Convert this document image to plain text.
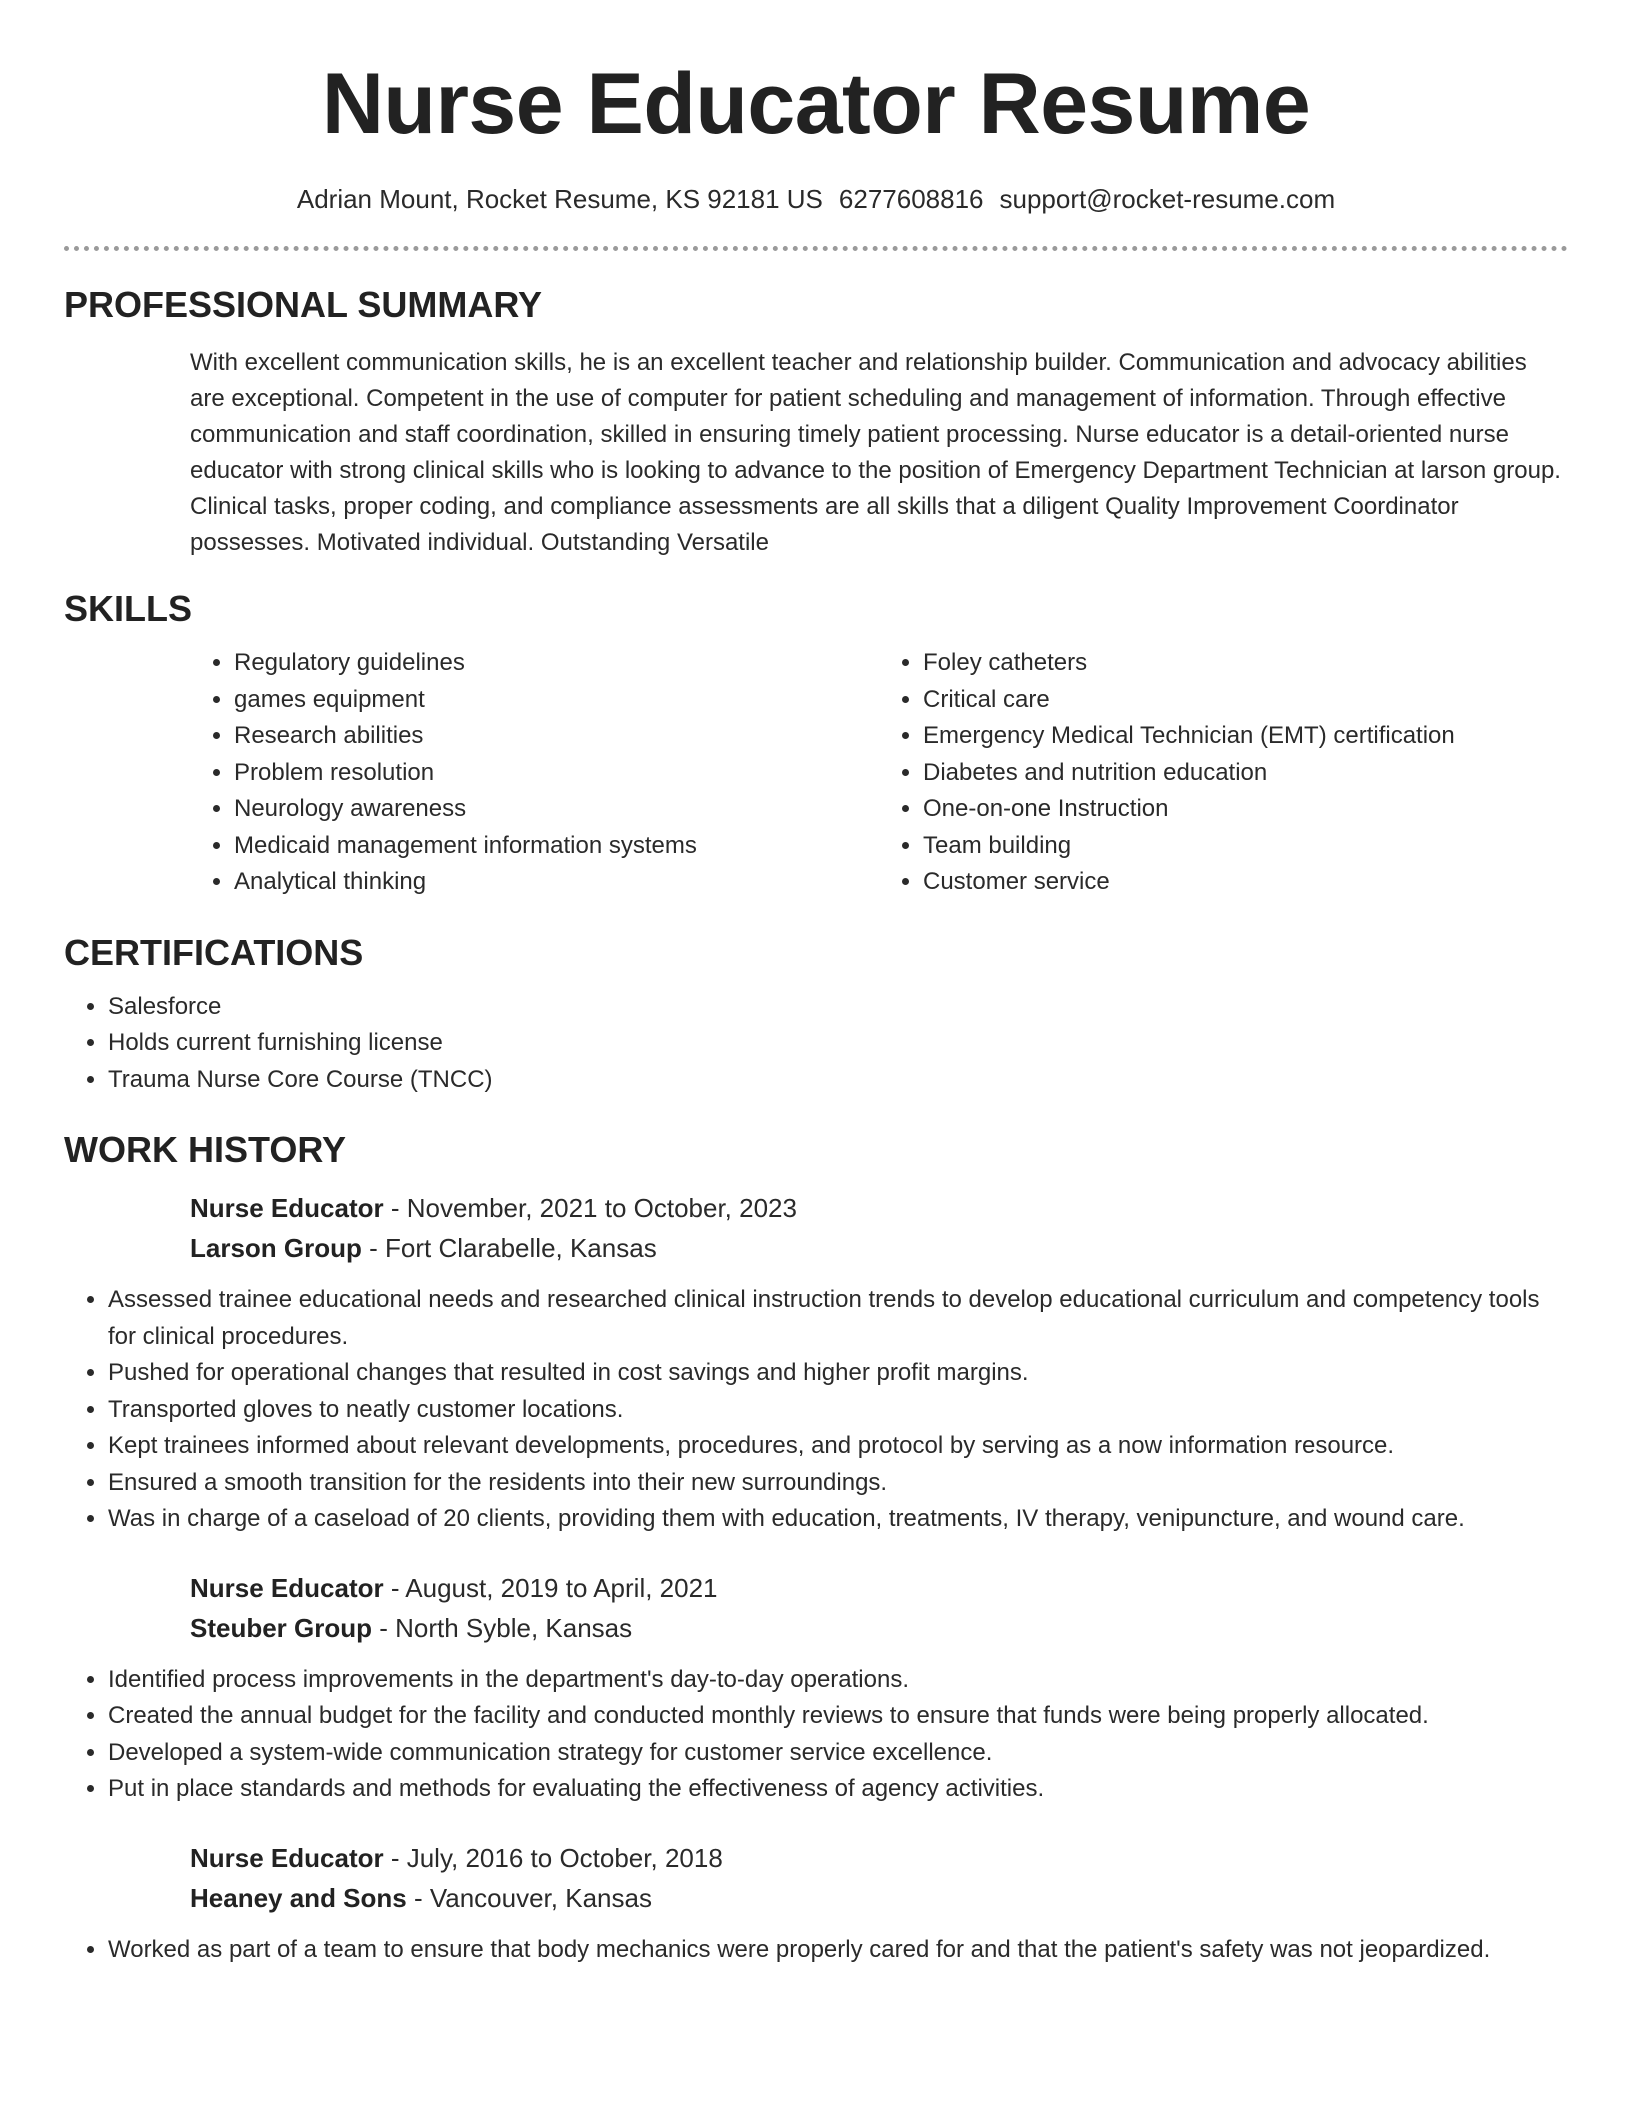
Nurse Educator Resume
Adrian Mount, Rocket Resume, KS 92181 US 6277608816 support@rocket-resume.com
PROFESSIONAL SUMMARY

With excellent communication skills, he is an excellent teacher and relationship builder. Communication and advocacy abilities are exceptional. Competent in the use of computer for patient scheduling and management of information. Through effective communication and staff coordination, skilled in ensuring timely patient processing. Nurse educator is a detail-oriented nurse educator with strong clinical skills who is looking to advance to the position of Emergency Department Technician at larson group. Clinical tasks, proper coding, and compliance assessments are all skills that a diligent Quality Improvement Coordinator possesses. Motivated individual. Outstanding Versatile

SKILLS
• Regulatory guidelines
• games equipment
• Research abilities
• Problem resolution
• Neurology awareness
• Medicaid management information systems
• Analytical thinking
• Foley catheters
• Critical care
• Emergency Medical Technician (EMT) certification
• Diabetes and nutrition education
• One-on-one Instruction
• Team building
• Customer service
CERTIFICATIONS
• Salesforce
• Holds current furnishing license
• Trauma Nurse Core Course (TNCC)
WORK HISTORY
Nurse Educator - November, 2021 to October, 2023
Larson Group - Fort Clarabelle, Kansas
• Assessed trainee educational needs and researched clinical instruction trends to develop educational curriculum and competency tools for clinical procedures.
• Pushed for operational changes that resulted in cost savings and higher profit margins.
• Transported gloves to neatly customer locations.
• Kept trainees informed about relevant developments, procedures, and protocol by serving as a now information resource.
• Ensured a smooth transition for the residents into their new surroundings.
• Was in charge of a caseload of 20 clients, providing them with education, treatments, IV therapy, venipuncture, and wound care.
Nurse Educator - August, 2019 to April, 2021
Steuber Group - North Syble, Kansas
• Identified process improvements in the department's day-to-day operations.
• Created the annual budget for the facility and conducted monthly reviews to ensure that funds were being properly allocated.
• Developed a system-wide communication strategy for customer service excellence.
• Put in place standards and methods for evaluating the effectiveness of agency activities.
Nurse Educator - July, 2016 to October, 2018
Heaney and Sons - Vancouver, Kansas
• Worked as part of a team to ensure that body mechanics were properly cared for and that the patient's safety was not jeopardized.
